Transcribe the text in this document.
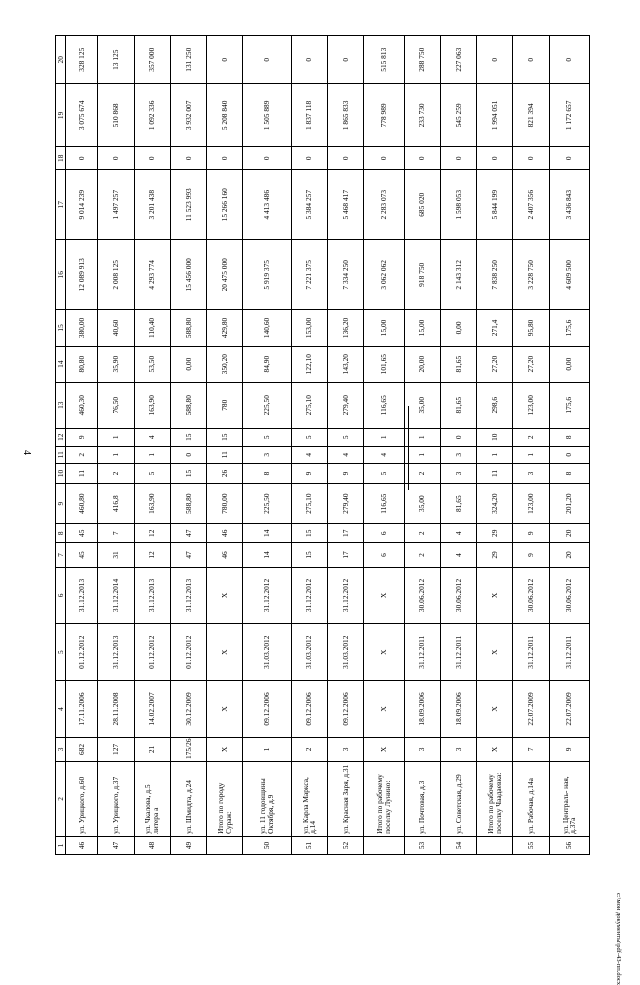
4
c:\мои документы\pdf-43-пп.docx
1	2	3	4	5	6	7	8	9	10	11	12	13	14	15	16	17	18	19	20
46	ул. Урицкого, д.60	682	17.11.2006	01.12.2012	31.12.2013	45	45	460,80	11	2	9	460,30	80,80	380,00	12 089 913	9 014 239	0	3 075 674	328 125
47	ул. Урицкого, д.37	127	28.11.2008	31.12.2013	31.12.2014	31	7	416,8	2	1	1	76,50	35,90	40,60	2 008 125	1 497 257	0	510 868	13 125
48	ул. Чкалова, д.5 литера а	21	14.02.2007	01.12.2012	31.12.2013	12	12	163,90	5	1	4	163,90	53,50	110,40	4 293 774	3 201 438	0	1 092 336	357 000
49	ул. Шмидта, д.24	175/26	30.12.2009	01.12.2012	31.12.2013	47	47	588,80	15	0	15	588,80	0,00	588,80	15 456 000	11 523 993	0	3 932 007	131 250
	Итого по городу Сураж:	Х	Х	Х	Х	46	46	780,00	26	11	15	780	350,20	429,80	20 475 000	15 266 160	0	5 208 840	0
50	ул. 11 годовщины Октября, д.9	1	09.12.2006	31.03.2012	31.12.2012	14	14	225,50	8	3	5	225,50	84,90	140,60	5 919 375	4 413 486	0	1 505 889	0
51	ул. Карла Маркса, д.14	2	09.12.2006	31.03.2012	31.12.2012	15	15	275,10	9	4	5	275,10	122,10	153,00	7 221 375	5 384 257	0	1 837 118	0
52	ул. Красная Заря, д.31	3	09.12.2006	31.03.2012	31.12.2012	17	17	279,40	9	4	5	279,40	143,20	136,20	7 334 250	5 468 417	0	1 865 833	0
	Итого по рабочему поселку Лунино:	Х	Х	Х	Х	6	6	116,65	5	4	1	116,65	101,65	15,00	3 062 062	2 283 073	0	778 989	515 813
53	ул. Почтовая, д.3	3	18.09.2006	31.12.2011	30.06.2012	2	2	35,00	2	1	1	35,00	20,00	15,00	918 750	685 020	0	233 730	288 750
54	ул. Советская, д.29	3	18.09.2006	31.12.2011	30.06.2012	4	4	81,65	3	3	0	81,65	81,65	0,00	2 143 312	1 598 053	0	545 259	227 063
	Итого по рабочему поселку Чаадаевка:	Х	Х	Х	Х	29	29	324,20	11	1	10	298,6	27,20	271,4	7 838 250	5 844 199	0	1 994 051	0
55	ул. Рабочая, д.14а	7	22.07.2009	31.12.2011	30.06.2012	9	9	123,00	3	1	2	123,00	27,20	95,80	3 228 750	2 407 356	0	821 394	0
56	ул. Централь- ная, д.37а	9	22.07.2009	31.12.2011	30.06.2012	20	20	201,20	8	0	8	175,6	0,00	175,6	4 609 500	3 436 843	0	1 172 657	0
